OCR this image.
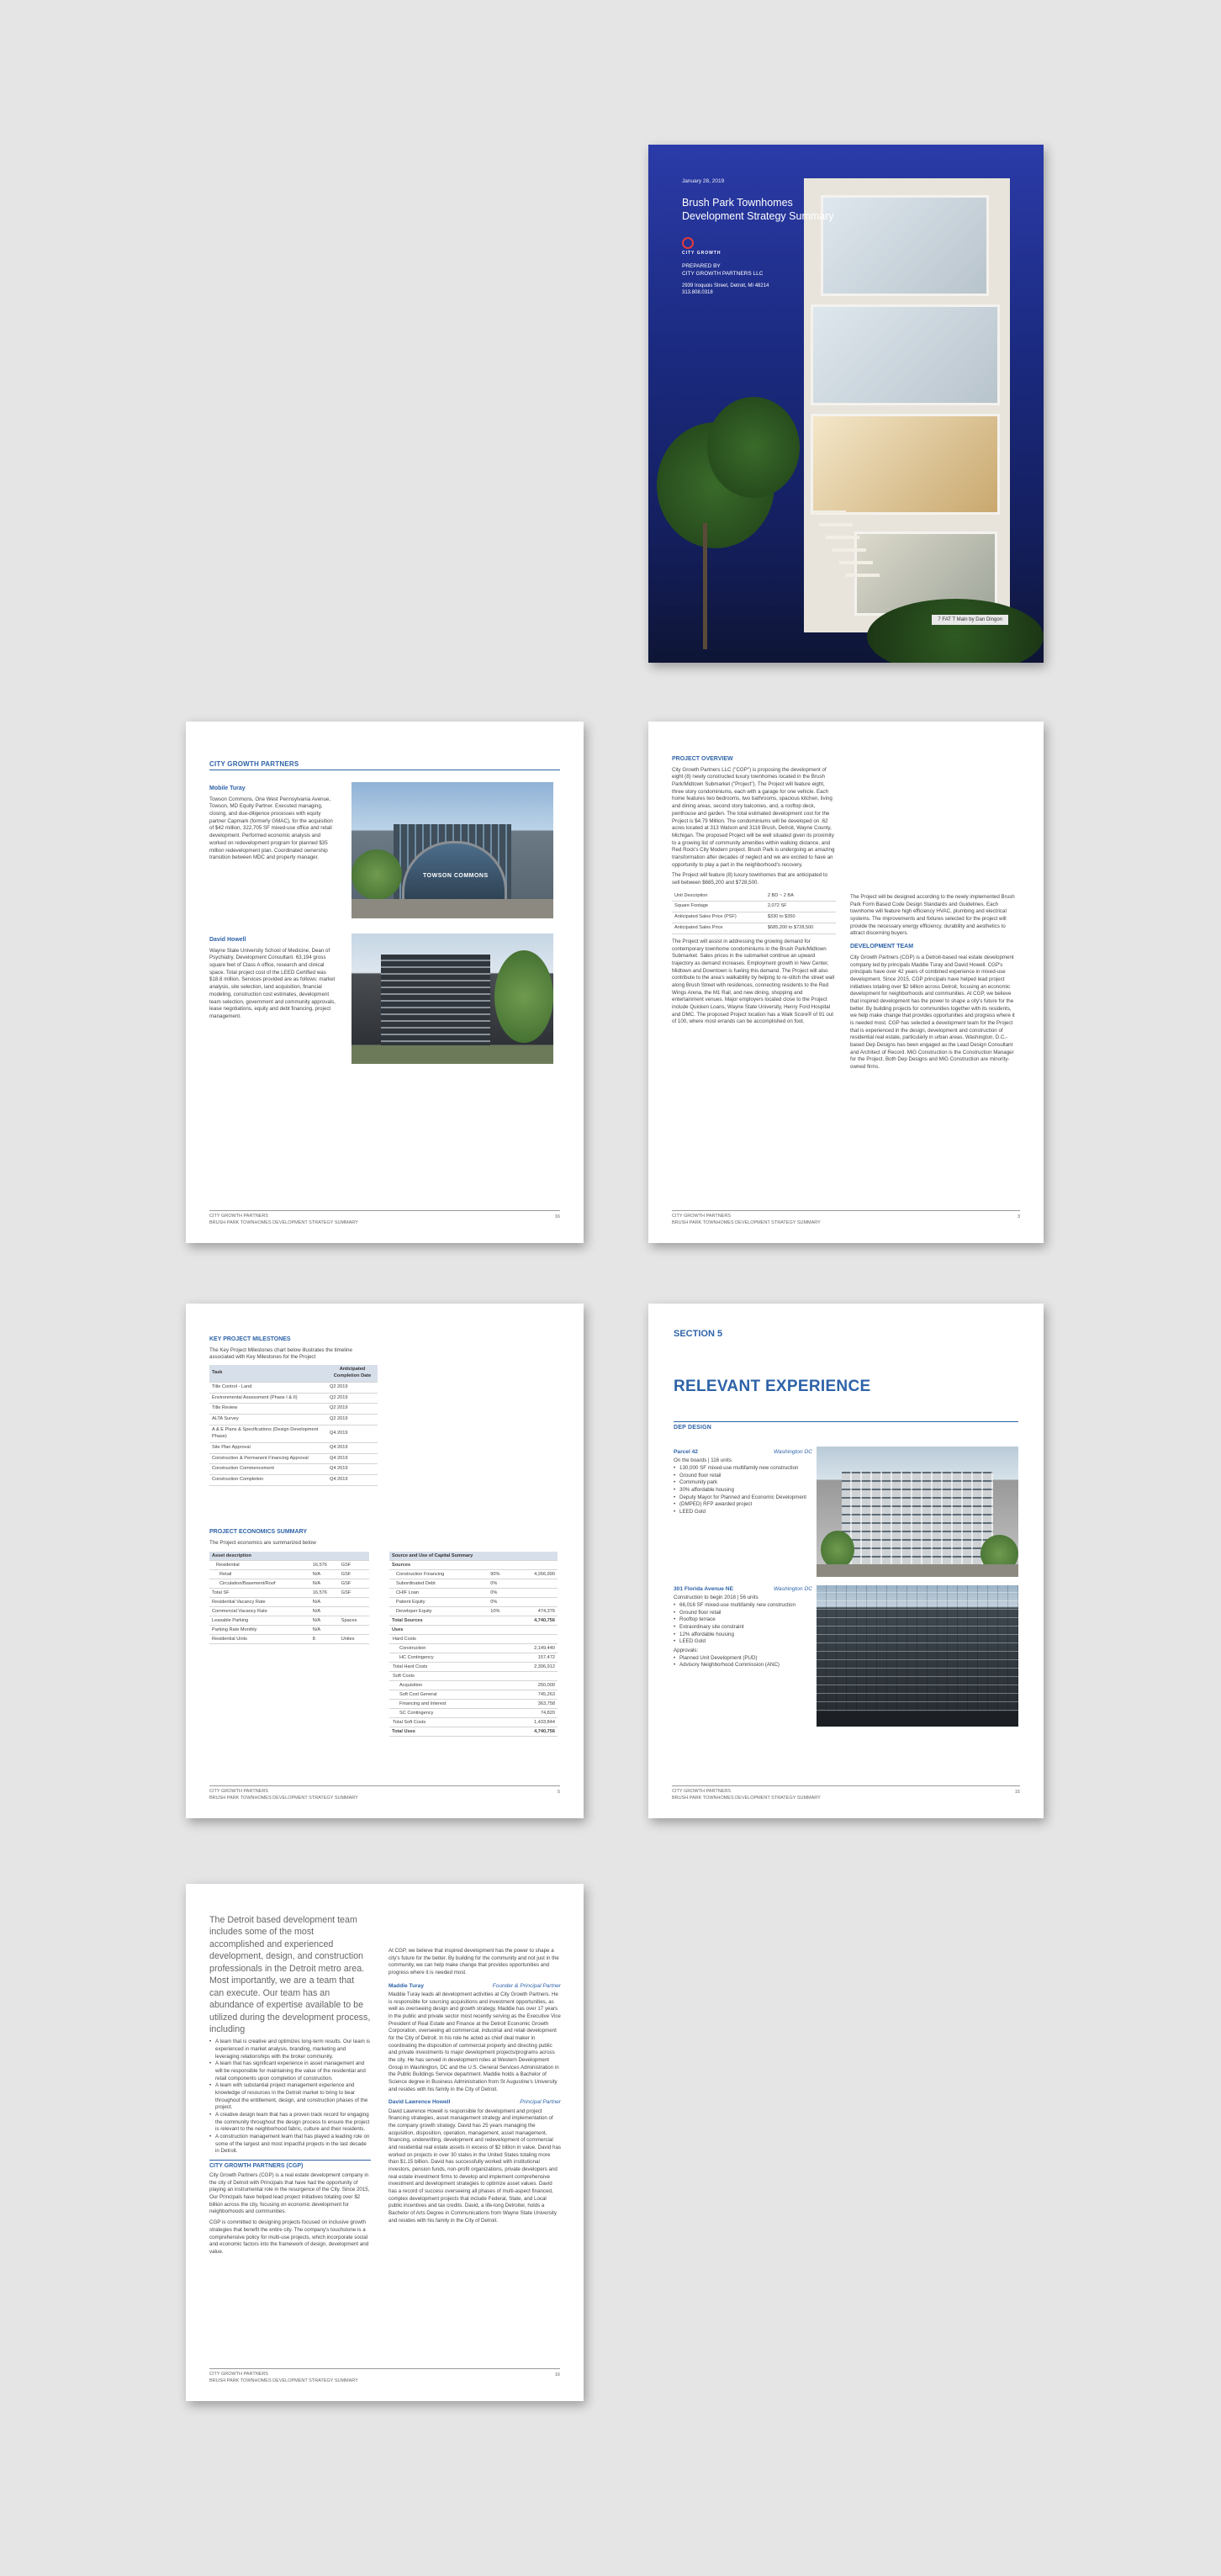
January 28, 2019
Brush Park Townhomes
Development Strategy Summary
CITY GROWTH
PREPARED BY
CITY GROWTH PARTNERS LLC
2939 Iroquois Street, Detroit, MI 48214
313.808.0318
7 FAT T Main by Dan Dingon
CITY GROWTH PARTNERS
Mobile Turay
Towson Commons, One West Pennsylvania Avenue, Towson, MD Equity Partner. Executed managing, closing, and due-diligence processes with equity partner Capmark (formerly GMAC), for the acquisition of $42 million, 322,705 SF mixed-use office and retail development. Performed economic analysis and worked on redevelopment program for planned $35 million redevelopment plan. Coordinated ownership transition between MDC and property manager.
TOWSON COMMONS
David Howell
Wayne State University School of Medicine, Dean of Psychiatry, Development Consultant. 63,194 gross square feet of Class A office, research and clinical space. Total project cost of the LEED Certified was $18.8 million. Services provided are as follows: market analysis, site selection, land acquisition, financial modeling, construction cost estimates, development team selection, government and community approvals, lease negotiations, equity and debt financing, project management.
CITY GROWTH PARTNERS
BRUSH PARK TOWNHOMES DEVELOPMENT STRATEGY SUMMARY
16
PROJECT OVERVIEW

City Growth Partners LLC ("CGP") is proposing the development of eight (8) newly constructed luxury townhomes located in the Brush Park/Midtown Submarket ("Project"). The Project will feature eight, three story condominiums, each with a garage for one vehicle. Each home features two bedrooms, two bathrooms, spacious kitchen, living and dining areas, second story balconies, and, a rooftop deck, penthouse and garden. The total estimated development cost for the Project is $4.79 Million. The condominiums will be developed on .62 acres located at 313 Watson and 3116 Brush, Detroit, Wayne County, Michigan. The proposed Project will be well situated given its proximity to a growing list of community amenities within walking distance, and Red Rock's City Modern project. Brush Park is undergoing an amazing transformation after decades of neglect and we are excited to have an opportunity to play a part in the neighborhood's recovery.

The Project will feature (8) luxury townhomes that are anticipated to sell between $685,200 and $728,500.

Unit Description	2 BD ~ 2 BA
Square Footage	2,072 SF
Anticipated Sales Price (PSF)	$330 to $350
Anticipated Sales Price	$685,200 to $728,500

The Project will assist in addressing the growing demand for contemporary townhome condominiums in the Brush Park/Midtown Submarket. Sales prices in the submarket continue an upward trajectory as demand increases. Employment growth in New Center, Midtown and Downtown is fueling this demand. The Project will also contribute to the area's walkability by helping to re-stitch the street wall along Brush Street with residences, connecting residents to the Red Wings Arena, the M1 Rail, and new dining, shopping and entertainment venues. Major employers located close to the Project include Quicken Loans, Wayne State University, Henry Ford Hospital and DMC. The proposed Project location has a Walk Score® of 91 out of 100, where most errands can be accomplished on foot.

The Project will be designed according to the newly implemented Brush Park Form Based Code Design Standards and Guidelines. Each townhome will feature high efficiency HVAC, plumbing and electrical systems. The improvements and fixtures selected for the project will provide the necessary energy efficiency, durability and aesthetics to attract discerning buyers.

DEVELOPMENT TEAM

City Growth Partners (CGP) is a Detroit-based real estate development company led by principals Maddie Turay and David Howell. CGP's principals have over 42 years of combined experience in mixed-use development. Since 2015, CGP principals have helped lead project initiatives totaling over $2 billion across Detroit, focusing an economic development for neighborhoods and communities. At CGP, we believe that inspired development has the power to shape a city's future for the better. By building projects for communities together with its residents, we help make change that provides opportunities and progress where it is needed most. CGP has selected a development team for the Project that is experienced in the design, development and construction of residential real estate, particularly in urban areas. Washington, D.C.-based Dep Designs has been engaged as the Lead Design Consultant and Architect of Record. MiG Construction is the Construction Manager for the Project. Both Dep Designs and MiG Construction are minority-owned firms.

CITY GROWTH PARTNERS
BRUSH PARK TOWNHOMES DEVELOPMENT STRATEGY SUMMARY
3
KEY PROJECT MILESTONES

The Key Project Milestones chart below illustrates the timeline associated with Key Milestones for the Project

Task	Anticipated Completion Date
Title Control - Land	Q2 2019
Environmental Assessment (Phase I & II)	Q2 2019
Title Review	Q2 2019
ALTA Survey	Q2 2019
A & E Plans & Specifications (Design Development Phase)	Q4 2019
Site Plan Approval	Q4 2019
Construction & Permanent Financing Approval	Q4 2019
Construction Commencement	Q4 2019
Construction Completion	Q4 2019
PROJECT ECONOMICS SUMMARY

The Project economics are summarized below

Asset description		
Residential	16,576	GSF
Retail	N/A	GSF
Circulation/Basement/Roof	N/A	GSF
Total SF	16,576	GSF
Residential Vacancy Rate	N/A	
Commercial Vacancy Rate	N/A	
Leasable Parking	N/A	Spaces
Parking Rate Monthly	N/A	
Residential Units	8	Unites
Source and Use of Capital Summary		
Sources		
Construction Financing	90%	4,266,990
Subordinated Debt	0%	
CHIF Loan	0%	
Patient Equity	0%	
Developer Equity	10%	474,376
Total Sources		4,740,756
Uses		
Hard Costs		
Construction		2,149,440
HC Contingency		157,472
Total Hard Costs		2,306,912
Soft Costs		
Acquisition		250,000
Soft Cost General		745,263
Financing and Interest		363,758
SC Contingency		74,820
Total Soft Costs		1,433,844
Total Uses		4,740,756
CITY GROWTH PARTNERS
BRUSH PARK TOWNHOMES DEVELOPMENT STRATEGY SUMMARY
5
SECTION 5
RELEVANT EXPERIENCE
DEP DESIGN
Parcel 42	Washington DC
On the boards | 116 units
• 130,000 SF mixed-use multifamily new construction
• Ground floor retail
• Community park
• 30% affordable housing
• Deputy Mayor for Planned and Economic Development
• (DMPED) RFP awarded project
• LEED Gold
301 Florida Avenue NE	Washington DC
Construction to begin 2018 | 56 units
• 66,016 SF mixed-use multifamily new construction
• Ground floor retail
• Rooftop terrace
• Extraordinary site constraint
• 12% affordable housing
• LEED Gold
Approvals:
• Planned Unit Development (PUD)
• Advisory Neighborhood Commission (ANC)
CITY GROWTH PARTNERS
BRUSH PARK TOWNHOMES DEVELOPMENT STRATEGY SUMMARY
15
The Detroit based development team includes some of the most accomplished and experienced development, design, and construction professionals in the Detroit metro area. Most importantly, we are a team that can execute. Our team has an abundance of expertise available to be utilized during the development process, including
• A team that is creative and optimizes long-term results. Our team is experienced in market analysis, branding, marketing and leveraging relationships with the broker community.
• A team that has significant experience in asset management and will be responsible for maintaining the value of the residential and retail components upon completion of construction.
• A team with substantial project management experience and knowledge of resources in the Detroit market to bring to bear throughout the entitlement, design, and construction phases of the project.
• A creative design team that has a proven track record for engaging the community throughout the design process to ensure the project is relevant to the neighborhood fabric, culture and their residents.
• A construction management team that has played a leading role on some of the largest and most impactful projects in the last decade in Detroit.
CITY GROWTH PARTNERS (CGP)

City Growth Partners (CGP) is a real estate development company in the city of Detroit with Principals that have had the opportunity of playing an instrumental role in the resurgence of the City. Since 2015, Our Principals have helped lead project initiatives totaling over $2 billion across the city, focusing on economic development for neighborhoods and communities.

CGP is committed to designing projects focused on inclusive growth strategies that benefit the entire city. The company's touchstone is a comprehensive policy for multi-use projects, which incorporate social and economic factors into the framework of design, development and value.

At CGP, we believe that inspired development has the power to shape a city's future for the better. By building for the community and not just in the community, we can help make change that provides opportunities and progress where it is needed most.

Maddie Turay	Founder & Principal Partner

Maddie Turay leads all development activities at City Growth Partners. He is responsible for sourcing acquisitions and investment opportunities, as well as overseeing design and growth strategy. Maddie has over 17 years in the public and private sector most recently serving as the Executive Vice President of Real Estate and Finance at the Detroit Economic Growth Corporation, overseeing all commercial, industrial and retail development for the City of Detroit. In his role he acted as chief deal maker in coordinating the disposition of commercial property and directing public and private investments to major development projects/programs across the city. He has served in development roles at Western Development Group in Washington, DC and the U.S. General Services Administration in the Public Buildings Service department. Maddie holds a Bachelor of Science degree in Business Administration from St Augustine's University and resides with his family in the City of Detroit.

David Lawrence Howell	Principal Partner

David Lawrence Howell is responsible for development and project financing strategies, asset management strategy and implementation of the company growth strategy. David has 25 years managing the acquisition, disposition, operation, management, asset management, financing, underwriting, development and redevelopment of commercial and residential real estate assets in excess of $2 billion in value. David has worked on projects in over 30 states in the United States totaling more than $1.15 billion. David has successfully worked with institutional investors, pension funds, non-profit organizations, private developers and real estate investment firms to develop and implement comprehensive investment and development strategies to optimize asset values. David has a record of success overseeing all phases of multi-aspect financed, complex development projects that include Federal, State, and Local public incentives and tax credits. David, a life-long Detroiter, holds a Bachelor of Arts Degree in Communications from Wayne State University and resides with his family in the City of Detroit.

CITY GROWTH PARTNERS
BRUSH PARK TOWNHOMES DEVELOPMENT STRATEGY SUMMARY
16
